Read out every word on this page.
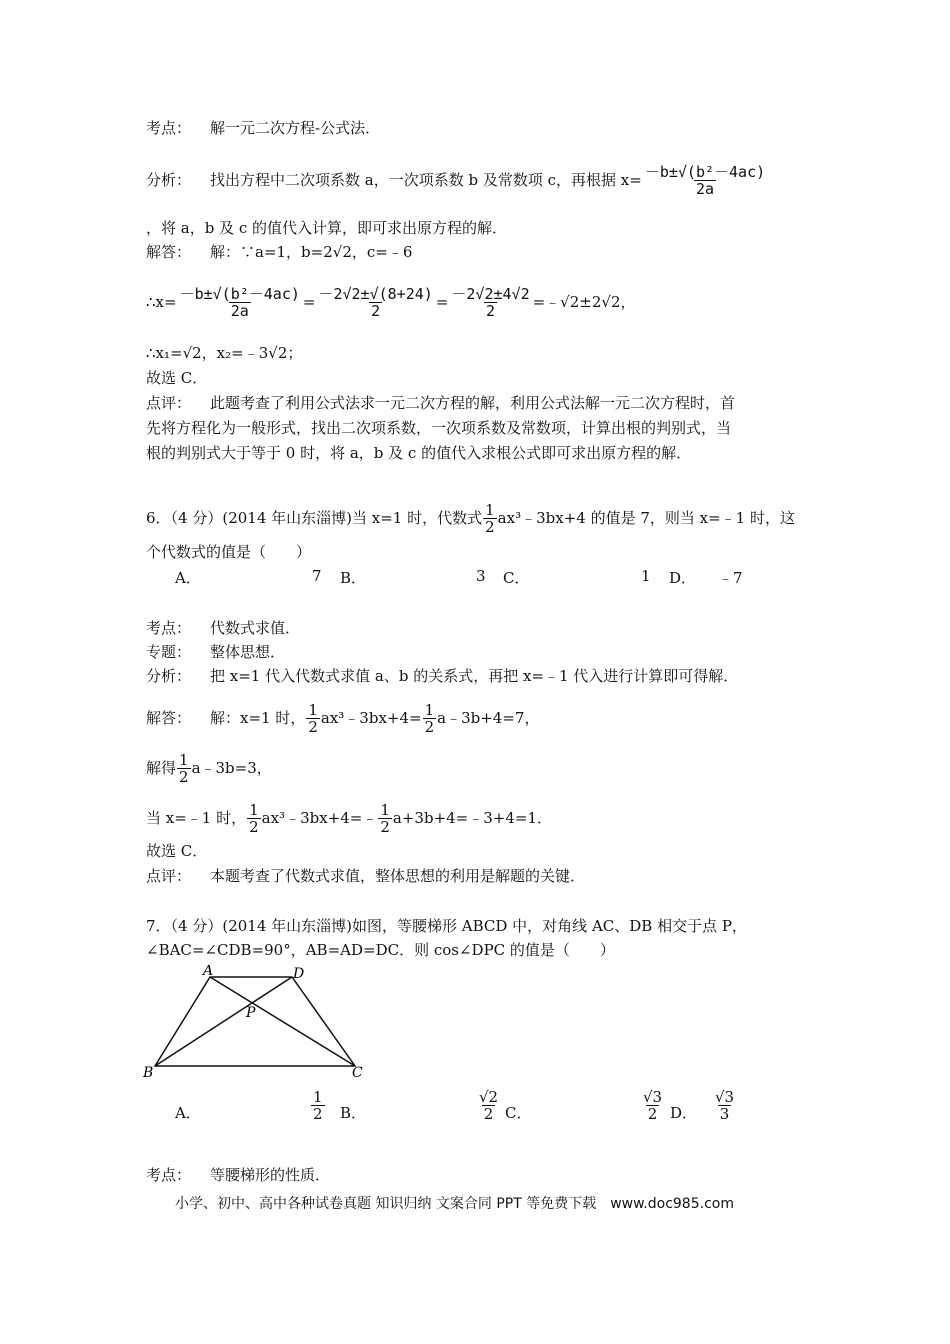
考点： 解一元二次方程-公式法．
分析： 找出方程中二次项系数 a，一次项系数 b 及常数项 c，再根据 $x= \frac{\text{－b±√(b²－4ac)}}{2a}$
，将 a，b 及 c 的值代入计算，即可求出原方程的解．
解答： 解：∵a=1，b=2√2，c=﹣6
∴x= $\frac{\text{－b±√(b²－4ac)}}{2a} = \frac{-2√2\pm√(8+24)}{2} = \frac{-2√2\pm 4√2}{2}$ =﹣√2±2√2，
∴x₁=√2，x₂=﹣3√2；
故选 C．
点评： 此题考查了利用公式法求一元二次方程的解，利用公式法解一元二次方程时，首
先将方程化为一般形式，找出二次项系数，一次项系数及常数项，计算出根的判别式，当
根的判别式大于等于 0 时，将 a，b 及 c 的值代入求根公式即可求出原方程的解．
6．（4 分）(2014 年山东淄博)当 x=1 时，代数式 $\frac{1}{2}$ ax³﹣3bx+4 的值是 7，则当 x=﹣1 时，这
个代数式的值是（　　）
A．	7 B．	3 C．	1 D． ﹣7
考点： 代数式求值．
专题： 整体思想．
分析： 把 x=1 代入代数式求值 a、b 的关系式，再把 x=﹣1 代入进行计算即可得解．
解答： 解：x=1 时， $\frac{1}{2}$ ax³﹣3bx+4= $\frac{1}{2}$ a﹣3b+4=7，
解得 $\frac{1}{2}$ a﹣3b=3，
当 x=﹣1 时， $\frac{1}{2}$ ax³﹣3bx+4=﹣ $\frac{1}{2}$ a+3b+4=﹣3+4=1．
故选 C．
点评： 本题考查了代数式求值，整体思想的利用是解题的关键．
7．（4 分）(2014 年山东淄博)如图，等腰梯形 ABCD 中，对角线 AC、DB 相交于点 P，
∠BAC=∠CDB=90°，AB=AD=DC．则 cos∠DPC 的值是（　　）
A	D
P
B	C
A．	$\frac{1}{2}$ B．	$\frac{√2}{2}$ C．	$\frac{√3}{2}$ D． $\frac{√3}{3}$
考点： 等腰梯形的性质．
小学、初中、高中各种试卷真题 知识归纳 文案合同 PPT 等免费下载　www.doc985.com
